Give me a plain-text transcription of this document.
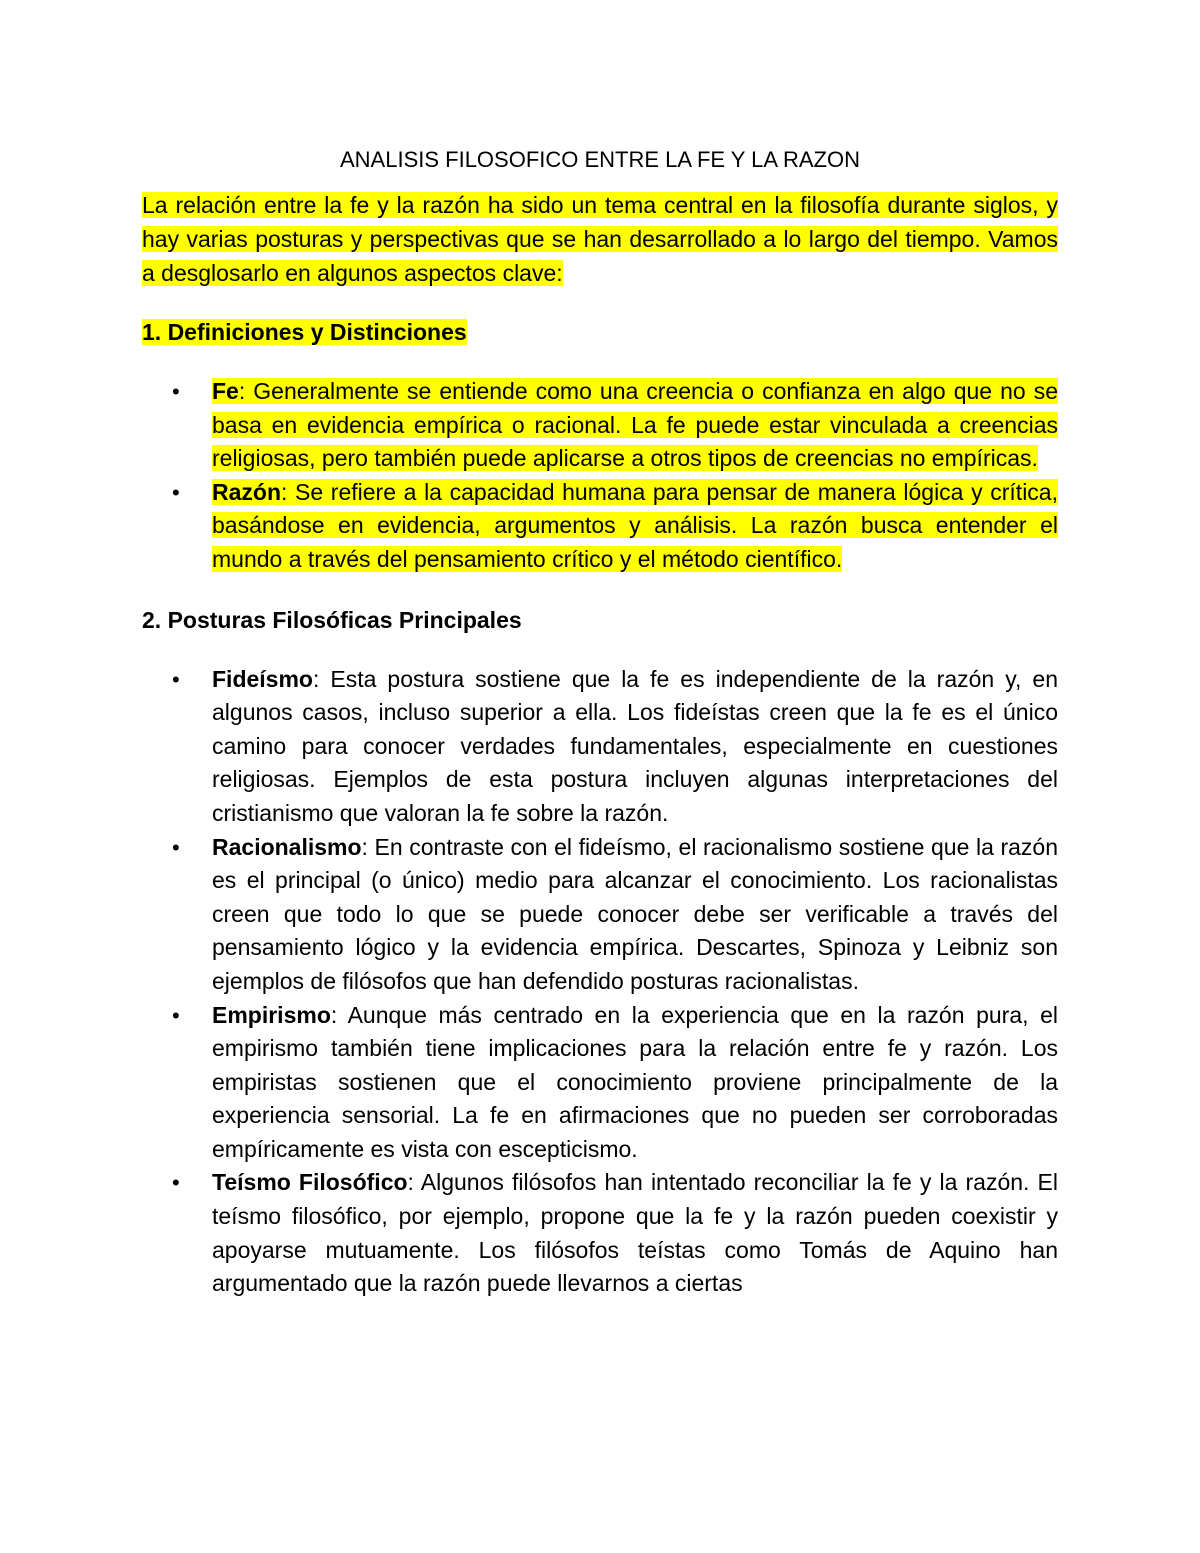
ANALISIS FILOSOFICO ENTRE LA FE Y LA RAZON

La relación entre la fe y la razón ha sido un tema central en la filosofía durante siglos, y hay varias posturas y perspectivas que se han desarrollado a lo largo del tiempo. Vamos a desglosarlo en algunos aspectos clave:

1. Definiciones y Distinciones
• Fe: Generalmente se entiende como una creencia o confianza en algo que no se basa en evidencia empírica o racional. La fe puede estar vinculada a creencias religiosas, pero también puede aplicarse a otros tipos de creencias no empíricas.
• Razón: Se refiere a la capacidad humana para pensar de manera lógica y crítica, basándose en evidencia, argumentos y análisis. La razón busca entender el mundo a través del pensamiento crítico y el método científico.
2. Posturas Filosóficas Principales
• Fideísmo: Esta postura sostiene que la fe es independiente de la razón y, en algunos casos, incluso superior a ella. Los fideístas creen que la fe es el único camino para conocer verdades fundamentales, especialmente en cuestiones religiosas. Ejemplos de esta postura incluyen algunas interpretaciones del cristianismo que valoran la fe sobre la razón.
• Racionalismo: En contraste con el fideísmo, el racionalismo sostiene que la razón es el principal (o único) medio para alcanzar el conocimiento. Los racionalistas creen que todo lo que se puede conocer debe ser verificable a través del pensamiento lógico y la evidencia empírica. Descartes, Spinoza y Leibniz son ejemplos de filósofos que han defendido posturas racionalistas.
• Empirismo: Aunque más centrado en la experiencia que en la razón pura, el empirismo también tiene implicaciones para la relación entre fe y razón. Los empiristas sostienen que el conocimiento proviene principalmente de la experiencia sensorial. La fe en afirmaciones que no pueden ser corroboradas empíricamente es vista con escepticismo.
• Teísmo Filosófico: Algunos filósofos han intentado reconciliar la fe y la razón. El teísmo filosófico, por ejemplo, propone que la fe y la razón pueden coexistir y apoyarse mutuamente. Los filósofos teístas como Tomás de Aquino han argumentado que la razón puede llevarnos a ciertas
